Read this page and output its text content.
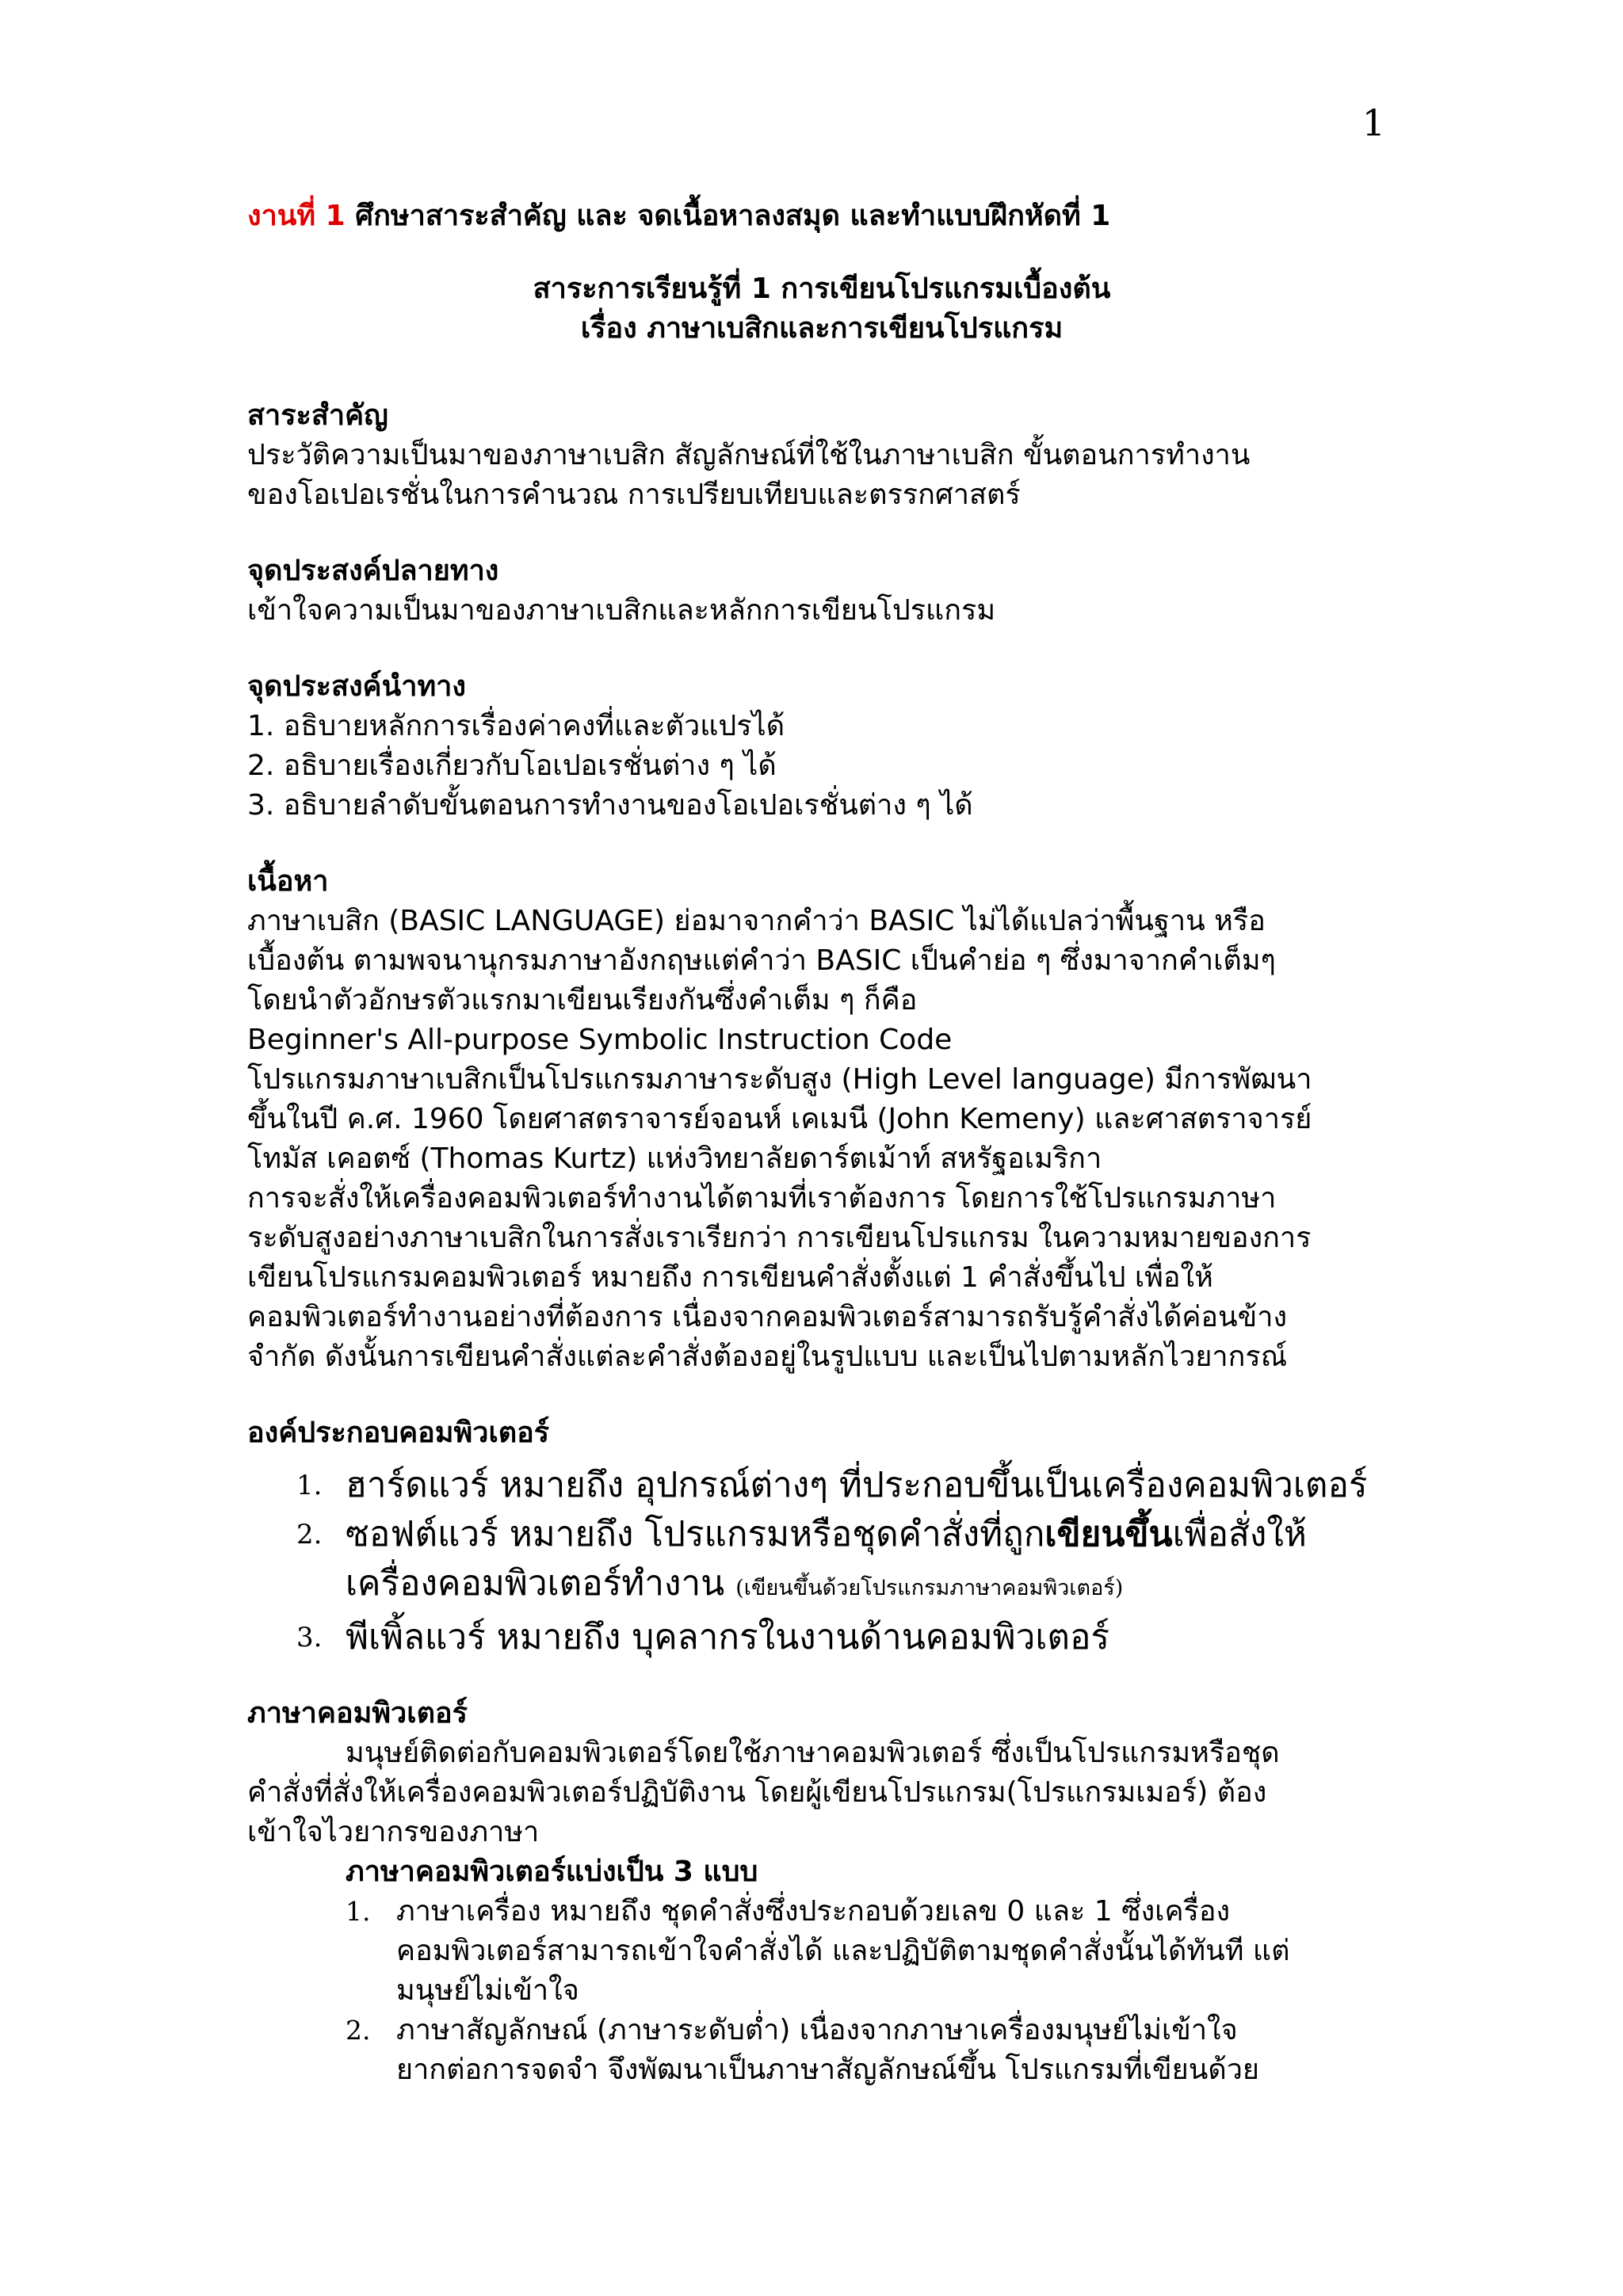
1
งานที่ 1 ศึกษาสาระสำคัญ และ จดเนื้อหาลงสมุด และทำแบบฝึกหัดที่ 1
สาระการเรียนรู้ที่ 1 การเขียนโปรแกรมเบื้องต้น
เรื่อง ภาษาเบสิกและการเขียนโปรแกรม
สาระสำคัญ
ประวัติความเป็นมาของภาษาเบสิก สัญลักษณ์ที่ใช้ในภาษาเบสิก ขั้นตอนการทำงาน
ของโอเปอเรชั่นในการคำนวณ การเปรียบเทียบและตรรกศาสตร์
จุดประสงค์ปลายทาง
เข้าใจความเป็นมาของภาษาเบสิกและหลักการเขียนโปรแกรม
จุดประสงค์นำทาง
1. อธิบายหลักการเรื่องค่าคงที่และตัวแปรได้
2. อธิบายเรื่องเกี่ยวกับโอเปอเรชั่นต่าง ๆ ได้
3. อธิบายลำดับขั้นตอนการทำงานของโอเปอเรชั่นต่าง ๆ ได้
เนื้อหา
ภาษาเบสิก (BASIC LANGUAGE) ย่อมาจากคำว่า BASIC ไม่ได้แปลว่าพื้นฐาน หรือ
เบื้องต้น ตามพจนานุกรมภาษาอังกฤษแต่คำว่า BASIC เป็นคำย่อ ๆ ซึ่งมาจากคำเต็มๆ
โดยนำตัวอักษรตัวแรกมาเขียนเรียงกันซึ่งคำเต็ม ๆ ก็คือ
Beginner's All-purpose Symbolic Instruction Code
โปรแกรมภาษาเบสิกเป็นโปรแกรมภาษาระดับสูง (High Level language) มีการพัฒนา
ขึ้นในปี ค.ศ. 1960 โดยศาสตราจารย์จอนห์ เคเมนี (John Kemeny) และศาสตราจารย์
โทมัส เคอตซ์ (Thomas Kurtz) แห่งวิทยาลัยดาร์ตเม้าท์ สหรัฐอเมริกา
การจะสั่งให้เครื่องคอมพิวเตอร์ทำงานได้ตามที่เราต้องการ โดยการใช้โปรแกรมภาษา
ระดับสูงอย่างภาษาเบสิกในการสั่งเราเรียกว่า การเขียนโปรแกรม ในความหมายของการ
เขียนโปรแกรมคอมพิวเตอร์ หมายถึง การเขียนคำสั่งตั้งแต่ 1 คำสั่งขึ้นไป เพื่อให้
คอมพิวเตอร์ทำงานอย่างที่ต้องการ เนื่องจากคอมพิวเตอร์สามารถรับรู้คำสั่งได้ค่อนข้าง
จำกัด ดังนั้นการเขียนคำสั่งแต่ละคำสั่งต้องอยู่ในรูปแบบ และเป็นไปตามหลักไวยากรณ์
องค์ประกอบคอมพิวเตอร์
1. ฮาร์ดแวร์ หมายถึง อุปกรณ์ต่างๆ ที่ประกอบขึ้นเป็นเครื่องคอมพิวเตอร์
2. ซอฟต์แวร์ หมายถึง โปรแกรมหรือชุดคำสั่งที่ถูกเขียนขึ้นเพื่อสั่งให้
เครื่องคอมพิวเตอร์ทำงาน (เขียนขึ้นด้วยโปรแกรมภาษาคอมพิวเตอร์)
3. พีเพิ้ลแวร์ หมายถึง บุคลากรในงานด้านคอมพิวเตอร์
ภาษาคอมพิวเตอร์
มนุษย์ติดต่อกับคอมพิวเตอร์โดยใช้ภาษาคอมพิวเตอร์ ซึ่งเป็นโปรแกรมหรือชุด
คำสั่งที่สั่งให้เครื่องคอมพิวเตอร์ปฏิบัติงาน โดยผู้เขียนโปรแกรม(โปรแกรมเมอร์) ต้อง
เข้าใจไวยากรของภาษา
ภาษาคอมพิวเตอร์แบ่งเป็น 3 แบบ
1. ภาษาเครื่อง หมายถึง ชุดคำสั่งซึ่งประกอบด้วยเลข 0 และ 1 ซึ่งเครื่อง
คอมพิวเตอร์สามารถเข้าใจคำสั่งได้ และปฏิบัติตามชุดคำสั่งนั้นได้ทันที แต่
มนุษย์ไม่เข้าใจ
2. ภาษาสัญลักษณ์ (ภาษาระดับต่ำ) เนื่องจากภาษาเครื่องมนุษย์ไม่เข้าใจ
ยากต่อการจดจำ จึงพัฒนาเป็นภาษาสัญลักษณ์ขึ้น โปรแกรมที่เขียนด้วย
